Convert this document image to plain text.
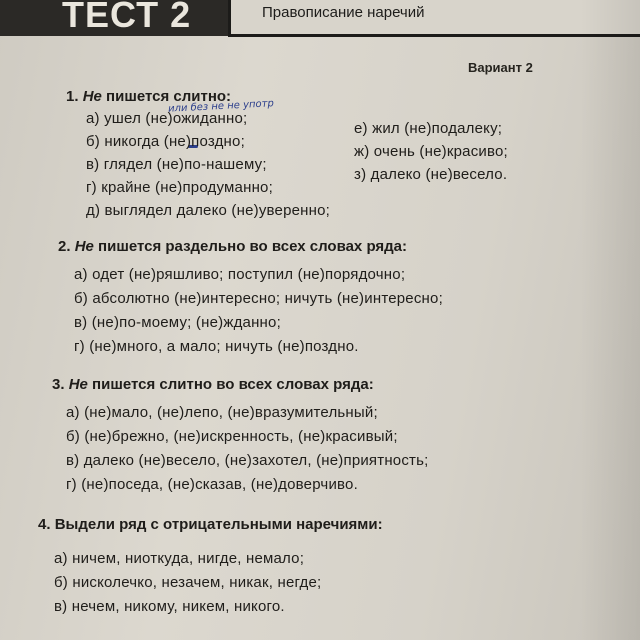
ТЕСТ 2	Правописание наречий
Вариант 2
1. Не пишется слитно:
или без не не употр
а) ушел (не)ожиданно;
б) никогда (не)поздно;
в) глядел (не)по-нашему;
г) крайне (не)продуманно;
д) выглядел далеко (не)уверенно;
е) жил (не)подалеку;
ж) очень (не)красиво;
з) далеко (не)весело.
2. Не пишется раздельно во всех словах ряда:
а) одет (не)ряшливо; поступил (не)порядочно;
б) абсолютно (не)интересно; ничуть (не)интересно;
в) (не)по-моему; (не)жданно;
г) (не)много, а мало; ничуть (не)поздно.
3. Не пишется слитно во всех словах ряда:
а) (не)мало, (не)лепо, (не)вразумительный;
б) (не)брежно, (не)искренность, (не)красивый;
в) далеко (не)весело, (не)захотел, (не)приятность;
г) (не)поседа, (не)сказав, (не)доверчиво.
4. Выдели ряд с отрицательными наречиями:
а) ничем, ниоткуда, нигде, немало;
б) нисколечко, незачем, никак, негде;
в) нечем, никому, никем, никого.
